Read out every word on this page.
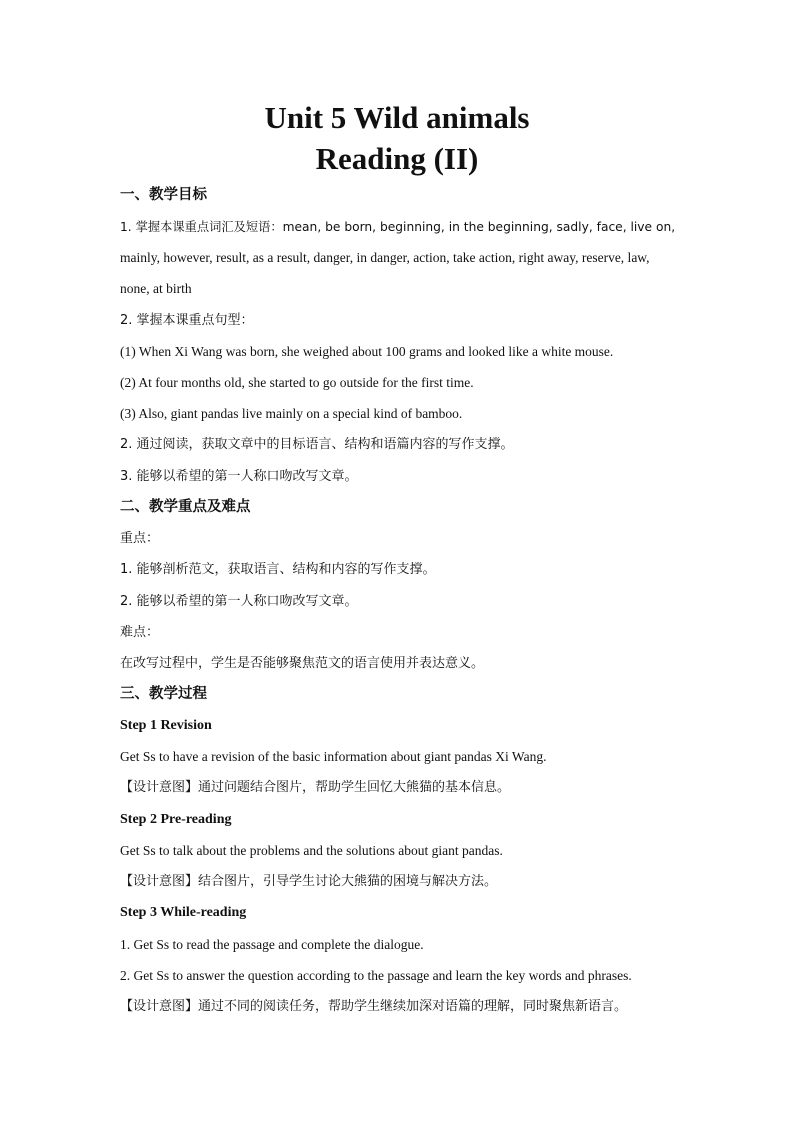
Unit 5 Wild animals
Reading (II)
一、教学目标
1. 掌握本课重点词汇及短语：mean, be born, beginning, in the beginning, sadly, face, live on,
mainly, however, result, as a result, danger, in danger, action, take action, right away, reserve, law,
none, at birth
2. 掌握本课重点句型：
(1) When Xi Wang was born, she weighed about 100 grams and looked like a white mouse.
(2) At four months old, she started to go outside for the first time.
(3) Also, giant pandas live mainly on a special kind of bamboo.
2. 通过阅读，获取文章中的目标语言、结构和语篇内容的写作支撑。
3. 能够以希望的第一人称口吻改写文章。
二、教学重点及难点
重点：
1. 能够剖析范文，获取语言、结构和内容的写作支撑。
2. 能够以希望的第一人称口吻改写文章。
难点：
在改写过程中，学生是否能够聚焦范文的语言使用并表达意义。
三、教学过程
Step 1 Revision
Get Ss to have a revision of the basic information about giant pandas Xi Wang.
【设计意图】通过问题结合图片，帮助学生回忆大熊猫的基本信息。
Step 2 Pre-reading
Get Ss to talk about the problems and the solutions about giant pandas.
【设计意图】结合图片，引导学生讨论大熊猫的困境与解决方法。
Step 3 While-reading
1. Get Ss to read the passage and complete the dialogue.
2. Get Ss to answer the question according to the passage and learn the key words and phrases.
【设计意图】通过不同的阅读任务，帮助学生继续加深对语篇的理解，同时聚焦新语言。
